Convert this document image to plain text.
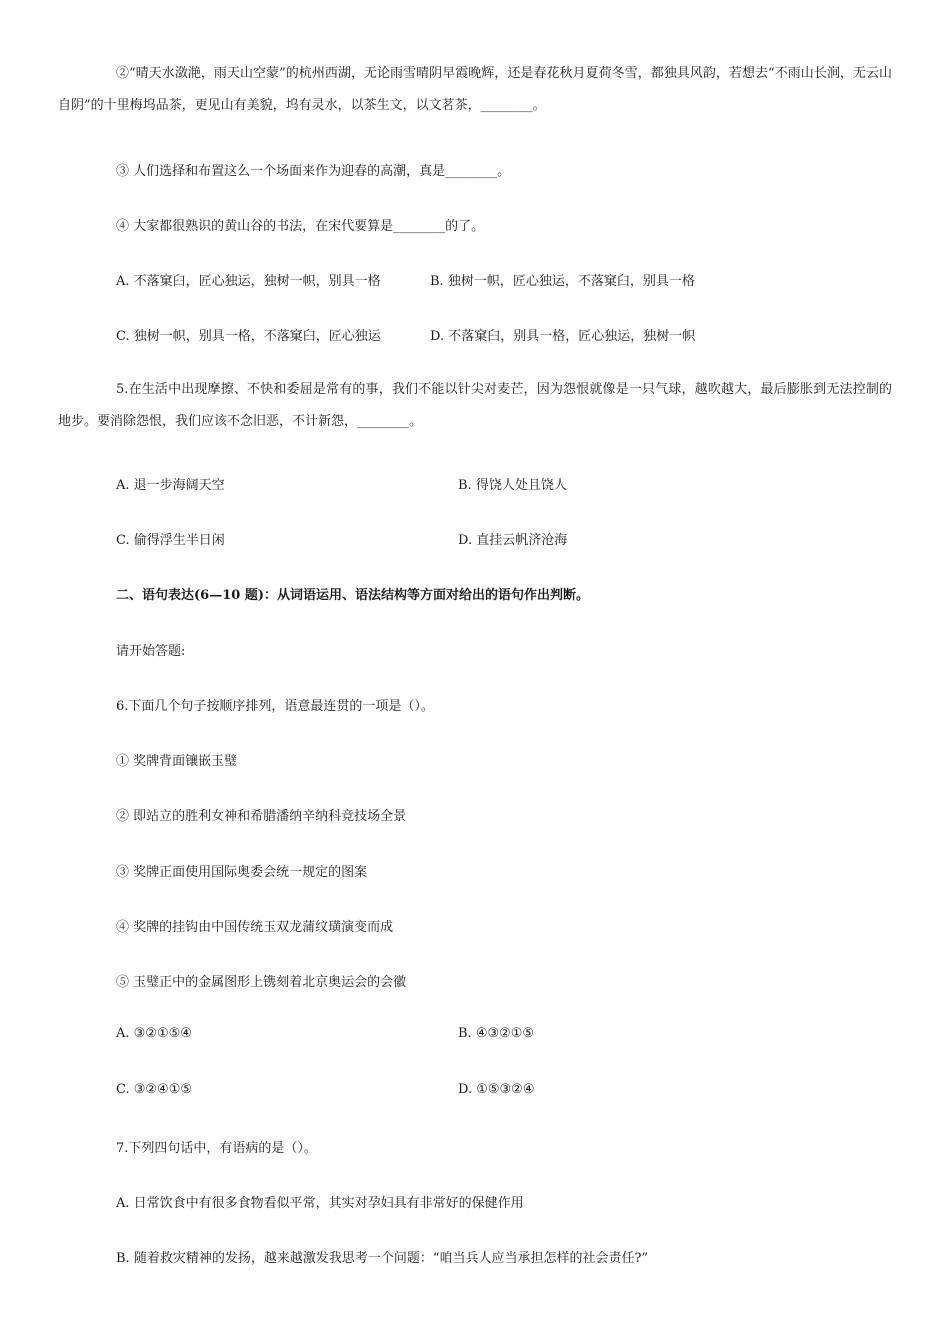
②“晴天水潋滟，雨天山空蒙”的杭州西湖，无论雨雪晴阴早霞晚辉，还是春花秋月夏荷冬雪，都独具风韵，若想去“不雨山长涧，无云山自阴”的十里梅坞品茶，更见山有美貌，坞有灵水，以茶生文，以文茗茶，________。
③ 人们选择和布置这么一个场面来作为迎春的高潮，真是________。
④ 大家都很熟识的黄山谷的书法，在宋代要算是________的了。
A. 不落窠臼，匠心独运，独树一帜，别具一格	B. 独树一帜，匠心独运，不落窠臼，别具一格
C. 独树一帜，别具一格，不落窠臼，匠心独运	D. 不落窠臼，别具一格，匠心独运，独树一帜
5.在生活中出现摩擦、不快和委屈是常有的事，我们不能以针尖对麦芒，因为怨恨就像是一只气球，越吹越大，最后膨胀到无法控制的地步。要消除怨恨，我们应该不念旧恶，不计新怨，________。
A. 退一步海阔天空	B. 得饶人处且饶人
C. 偷得浮生半日闲	D. 直挂云帆济沧海
二、语句表达(6—10 题)：从词语运用、语法结构等方面对给出的语句作出判断。
请开始答题:
6.下面几个句子按顺序排列，语意最连贯的一项是（）。
① 奖牌背面镶嵌玉璧
② 即站立的胜利女神和希腊潘纳辛纳科竞技场全景
③ 奖牌正面使用国际奥委会统一规定的图案
④ 奖牌的挂钩由中国传统玉双龙蒲纹璜演变而成
⑤ 玉璧正中的金属图形上镌刻着北京奥运会的会徽
A. ③②①⑤④	B. ④③②①⑤
C. ③②④①⑤	D. ①⑤③②④
7.下列四句话中，有语病的是（）。
A. 日常饮食中有很多食物看似平常，其实对孕妇具有非常好的保健作用
B. 随着救灾精神的发扬，越来越激发我思考一个问题：“咱当兵人应当承担怎样的社会责任?”
